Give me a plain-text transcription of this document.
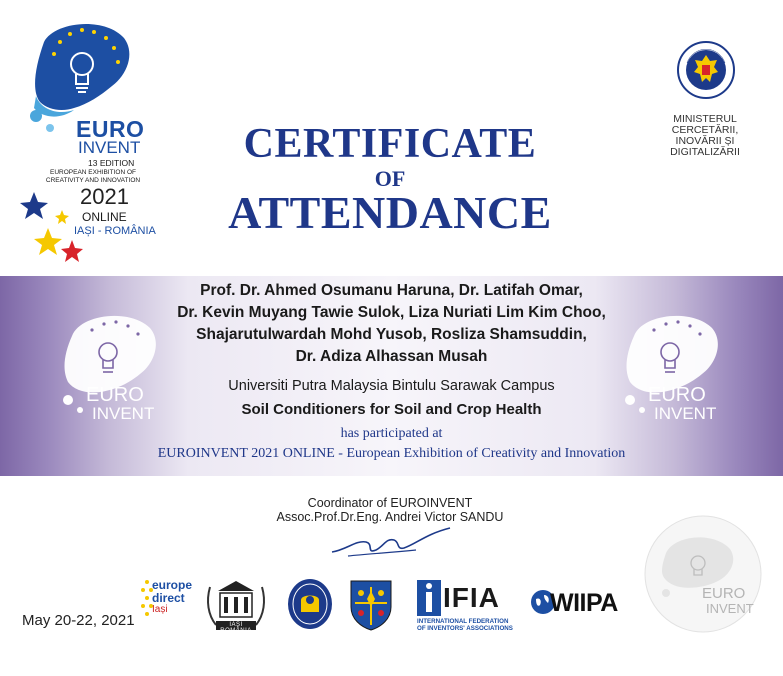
EURO
INVENT
13 EDITION
EUROPEAN EXHIBITION OF CREATIVITY AND INNOVATION
2021
ONLINE
IAȘI - ROMÂNIA
MINISTERUL
CERCETĂRII,
INOVĂRII ȘI
DIGITALIZĂRII
CERTIFICATE
OF
ATTENDANCE
EURO
INVENT
EURO
INVENT
Prof. Dr. Ahmed Osumanu Haruna, Dr. Latifah Omar,
Dr. Kevin Muyang Tawie Sulok, Liza Nuriati Lim Kim Choo,
Shajarutulwardah Mohd Yusob, Rosliza Shamsuddin,
Dr. Adiza Alhassan Musah
Universiti Putra Malaysia Bintulu Sarawak Campus
Soil Conditioners for Soil and Crop Health
has participated at
EUROINVENT 2021 ONLINE - European Exhibition of Creativity and Innovation
Coordinator of EUROINVENT
Assoc.Prof.Dr.Eng. Andrei Victor SANDU
EURO
INVENT
May 20-22, 2021
europe
direct
Iași
IAȘI ROMÂNIA
IFIA
INTERNATIONAL FEDERATION OF INVENTORS' ASSOCIATIONS
WIIPA
